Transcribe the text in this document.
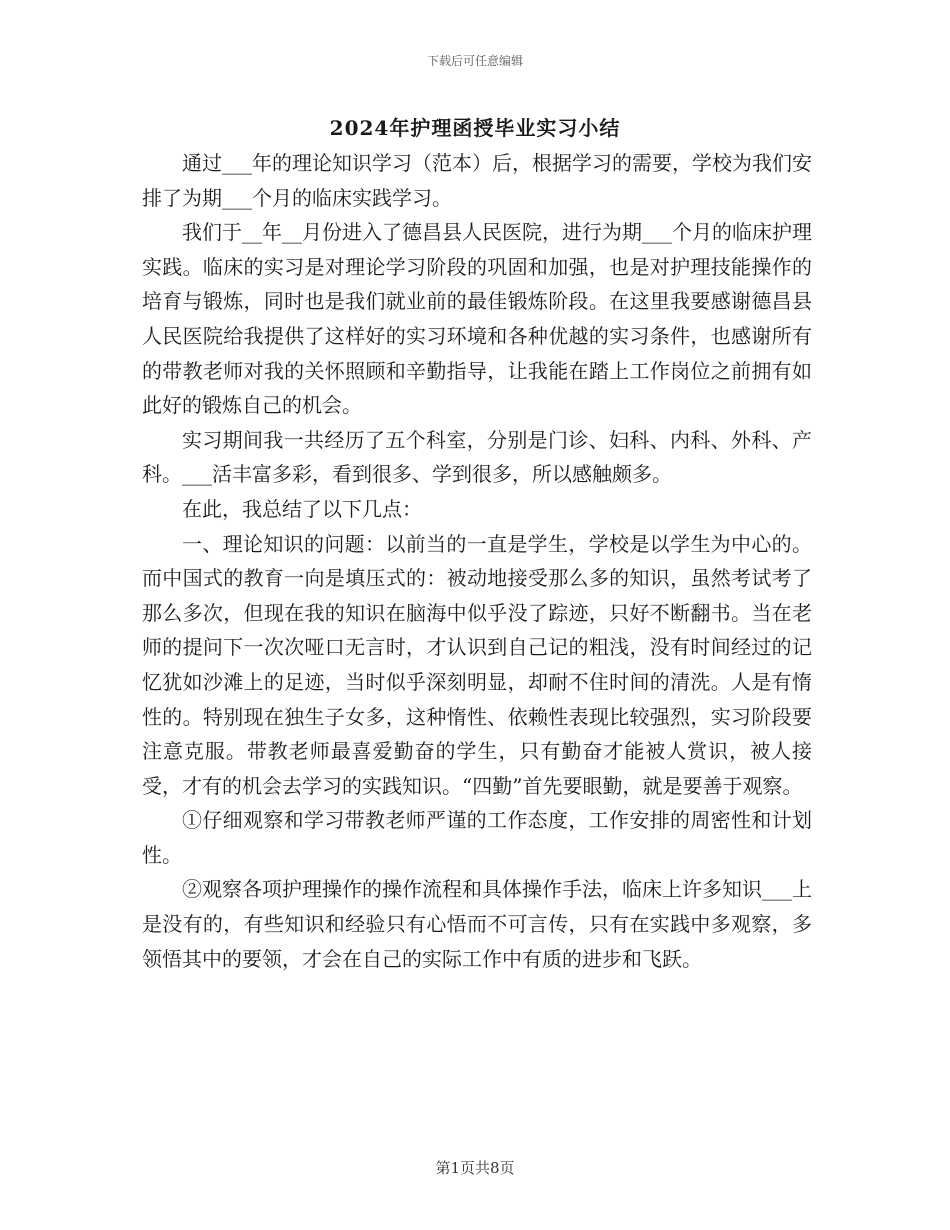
下载后可任意编辑
2024年护理函授毕业实习小结

通过___年的理论知识学习（范本）后，根据学习的需要，学校为我们安排了为期___个月的临床实践学习。

我们于__年__月份进入了德昌县人民医院，进行为期___个月的临床护理实践。临床的实习是对理论学习阶段的巩固和加强，也是对护理技能操作的培育与锻炼，同时也是我们就业前的最佳锻炼阶段。在这里我要感谢德昌县人民医院给我提供了这样好的实习环境和各种优越的实习条件，也感谢所有的带教老师对我的关怀照顾和辛勤指导，让我能在踏上工作岗位之前拥有如此好的锻炼自己的机会。

实习期间我一共经历了五个科室，分别是门诊、妇科、内科、外科、产科。___活丰富多彩，看到很多、学到很多，所以感触颇多。

在此，我总结了以下几点：

一、理论知识的问题：以前当的一直是学生，学校是以学生为中心的。而中国式的教育一向是填压式的：被动地接受那么多的知识，虽然考试考了那么多次，但现在我的知识在脑海中似乎没了踪迹，只好不断翻书。当在老师的提问下一次次哑口无言时，才认识到自己记的粗浅，没有时间经过的记忆犹如沙滩上的足迹，当时似乎深刻明显，却耐不住时间的清洗。人是有惰性的。特别现在独生子女多，这种惰性、依赖性表现比较强烈，实习阶段要注意克服。带教老师最喜爱勤奋的学生，只有勤奋才能被人赏识，被人接受，才有的机会去学习的实践知识。“四勤”首先要眼勤，就是要善于观察。

①仔细观察和学习带教老师严谨的工作态度，工作安排的周密性和计划性。

②观察各项护理操作的操作流程和具体操作手法，临床上许多知识___上是没有的，有些知识和经验只有心悟而不可言传，只有在实践中多观察，多领悟其中的要领，才会在自己的实际工作中有质的进步和飞跃。

第1页共8页
